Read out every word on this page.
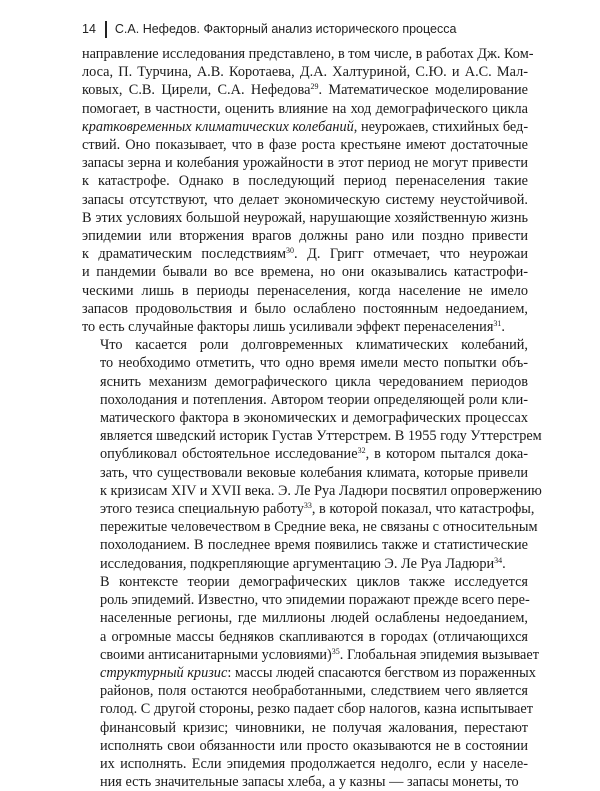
14 С.А. Нефедов. Факторный анализ исторического процесса

направление исследования представлено, в том числе, в работах Дж. Ком-
лоса, П. Турчина, А.В. Коротаева, Д.А. Халтуриной, С.Ю. и А.С. Мал-
ковых, С.В. Цирели, С.А. Нефедова$^{29}$. Математическое моделирование
помогает, в частности, оценить влияние на ход демографического цикла
кратковременных климатических колебаний, неурожаев, стихийных бед-
ствий. Оно показывает, что в фазе роста крестьяне имеют достаточные
запасы зерна и колебания урожайности в этот период не могут привести
к катастрофе. Однако в последующий период перенаселения такие
запасы отсутствуют, что делает экономическую систему неустойчивой.
В этих условиях большой неурожай, нарушающие хозяйственную жизнь
эпидемии или вторжения врагов должны рано или поздно привести
к драматическим последствиям$^{30}$. Д. Григг отмечает, что неурожаи
и пандемии бывали во все времена, но они оказывались катастрофи-
ческими лишь в периоды перенаселения, когда население не имело
запасов продовольствия и было ослаблено постоянным недоеданием,
то есть случайные факторы лишь усиливали эффект перенаселения$^{31}$.

Что касается роли долговременных климатических колебаний,
то необходимо отметить, что одно время имели место попытки объ-
яснить механизм демографического цикла чередованием периодов
похолодания и потепления. Автором теории определяющей роли кли-
матического фактора в экономических и демографических процессах
является шведский историк Густав Уттерстрем. В 1955 году Уттерстрем
опубликовал обстоятельное исследование$^{32}$, в котором пытался дока-
зать, что существовали вековые колебания климата, которые привели
к кризисам XIV и XVII века. Э. Ле Руа Ладюри посвятил опровержению
этого тезиса специальную работу$^{33}$, в которой показал, что катастрофы,
пережитые человечеством в Средние века, не связаны с относительным
похолоданием. В последнее время появились также и статистические
исследования, подкрепляющие аргументацию Э. Ле Руа Ладюри$^{34}$.

В контексте теории демографических циклов также исследуется
роль эпидемий. Известно, что эпидемии поражают прежде всего пере-
населенные регионы, где миллионы людей ослаблены недоеданием,
а огромные массы бедняков скапливаются в городах (отличающихся
своими антисанитарными условиями)$^{35}$. Глобальная эпидемия вызывает
структурный кризис: массы людей спасаются бегством из пораженных
районов, поля остаются необработанными, следствием чего является
голод. С другой стороны, резко падает сбор налогов, казна испытывает
финансовый кризис; чиновники, не получая жалования, перестают
исполнять свои обязанности или просто оказываются не в состоянии
их исполнять. Если эпидемия продолжается недолго, если у населе-
ния есть значительные запасы хлеба, а у казны — запасы монеты, то
